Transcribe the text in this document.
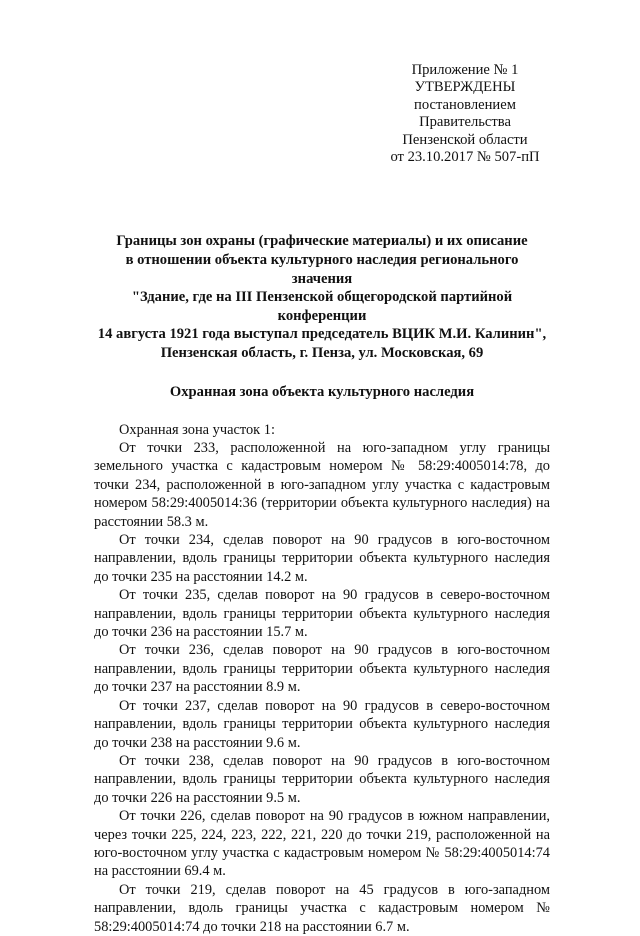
Приложение № 1
УТВЕРЖДЕНЫ
постановлением Правительства
Пензенской области
от 23.10.2017 № 507-пП
Границы зон охраны (графические материалы) и их описание
в отношении объекта культурного наследия регионального значения
"Здание, где на III Пензенской общегородской партийной конференции
14 августа 1921 года выступал председатель ВЦИК М.И. Калинин",
Пензенская область, г. Пенза, ул. Московская, 69
Охранная зона объекта культурного наследия

Охранная зона участок 1:

От точки 233, расположенной на юго-западном углу границы земельного участка с кадастровым номером № 58:29:4005014:78, до точки 234, расположенной в юго-западном углу участка с кадастровым номером 58:29:4005014:36 (территории объекта культурного наследия) на расстоянии 58.3 м.

От точки 234, сделав поворот на 90 градусов в юго-восточном направлении, вдоль границы территории объекта культурного наследия до точки 235 на расстоянии 14.2 м.

От точки 235, сделав поворот на 90 градусов в северо-восточном направлении, вдоль границы территории объекта культурного наследия до точки 236 на расстоянии 15.7 м.

От точки 236, сделав поворот на 90 градусов в юго-восточном направлении, вдоль границы территории объекта культурного наследия до точки 237 на расстоянии 8.9 м.

От точки 237, сделав поворот на 90 градусов в северо-восточном направлении, вдоль границы территории объекта культурного наследия до точки 238 на расстоянии 9.6 м.

От точки 238, сделав поворот на 90 градусов в юго-восточном направлении, вдоль границы территории объекта культурного наследия до точки 226 на расстоянии 9.5 м.

От точки 226, сделав поворот на 90 градусов в южном направлении, через точки 225, 224, 223, 222, 221, 220 до точки 219, расположенной на юго-восточном углу участка с кадастровым номером № 58:29:4005014:74 на расстоянии 69.4 м.

От точки 219, сделав поворот на 45 градусов в юго-западном направлении, вдоль границы участка с кадастровым номером № 58:29:4005014:74 до точки 218 на расстоянии 6.7 м.
